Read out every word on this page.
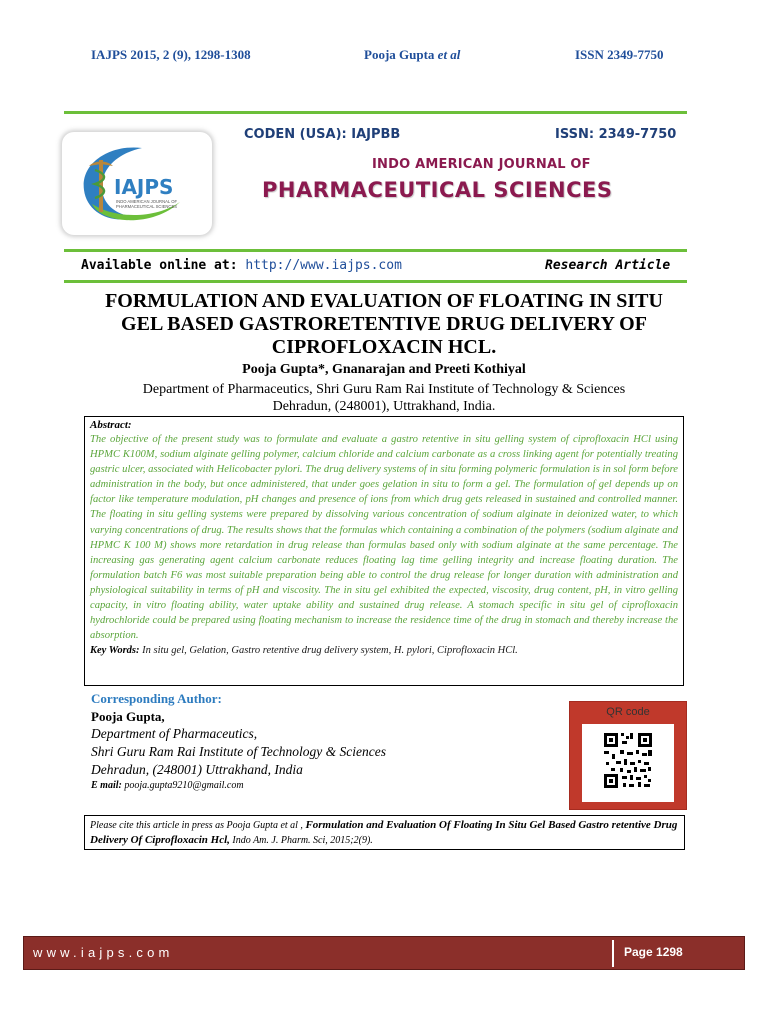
IAJPS 2015, 2 (9), 1298-1308	Pooja Gupta et al	ISSN 2349-7750
IAJPS
INDO AMERICAN JOURNAL OF
PHARMACEUTICAL SCIENCES
CODEN (USA): IAJPBB	ISSN: 2349-7750
INDO AMERICAN JOURNAL OF
PHARMACEUTICAL SCIENCES
Available online at: http://www.iajps.com	Research Article
FORMULATION AND EVALUATION OF FLOATING IN SITU
GEL BASED GASTRORETENTIVE DRUG DELIVERY OF
CIPROFLOXACIN HCL.
Pooja Gupta*, Gnanarajan and Preeti Kothiyal
Department of Pharmaceutics, Shri Guru Ram Rai Institute of Technology & Sciences
Dehradun, (248001), Uttrakhand, India.
Abstract:

The objective of the present study was to formulate and evaluate a gastro retentive in situ gelling system of ciprofloxacin HCl using HPMC K100M, sodium alginate gelling polymer, calcium chloride and calcium carbonate as a cross linking agent for potentially treating gastric ulcer, associated with Helicobacter pylori. The drug delivery systems of in situ forming polymeric formulation is in sol form before administration in the body, but once administered, that under goes gelation in situ to form a gel. The formulation of gel depends up on factor like temperature modulation, pH changes and presence of ions from which drug gets released in sustained and controlled manner. The floating in situ gelling systems were prepared by dissolving various concentration of sodium alginate in deionized water, to which varying concentrations of drug. The results shows that the formulas which containing a combination of the polymers (sodium alginate and HPMC K 100 M) shows more retardation in drug release than formulas based only with sodium alginate at the same percentage. The increasing gas generating agent calcium carbonate reduces floating lag time gelling integrity and increase floating duration. The formulation batch F6 was most suitable preparation being able to control the drug release for longer duration with administration and physiological suitability in terms of pH and viscosity. The in situ gel exhibited the expected, viscosity, drug content, pH, in vitro gelling capacity, in vitro floating ability, water uptake ability and sustained drug release. A stomach specific in situ gel of ciprofloxacin hydrochloride could be prepared using floating mechanism to increase the residence time of the drug in stomach and thereby increase the absorption.

Key Words: In situ gel, Gelation, Gastro retentive drug delivery system, H. pylori, Ciprofloxacin HCl.
Corresponding Author:
Pooja Gupta,
Department of Pharmaceutics,
Shri Guru Ram Rai Institute of Technology & Sciences
Dehradun, (248001) Uttrakhand, India
E mail: pooja.gupta9210@gmail.com
QR code
Please cite this article in press as Pooja Gupta et al , Formulation and Evaluation Of Floating In Situ Gel Based Gastro retentive Drug Delivery Of Ciprofloxacin Hcl, Indo Am. J. Pharm. Sci, 2015;2(9).
www.iajps.com	Page 1298
